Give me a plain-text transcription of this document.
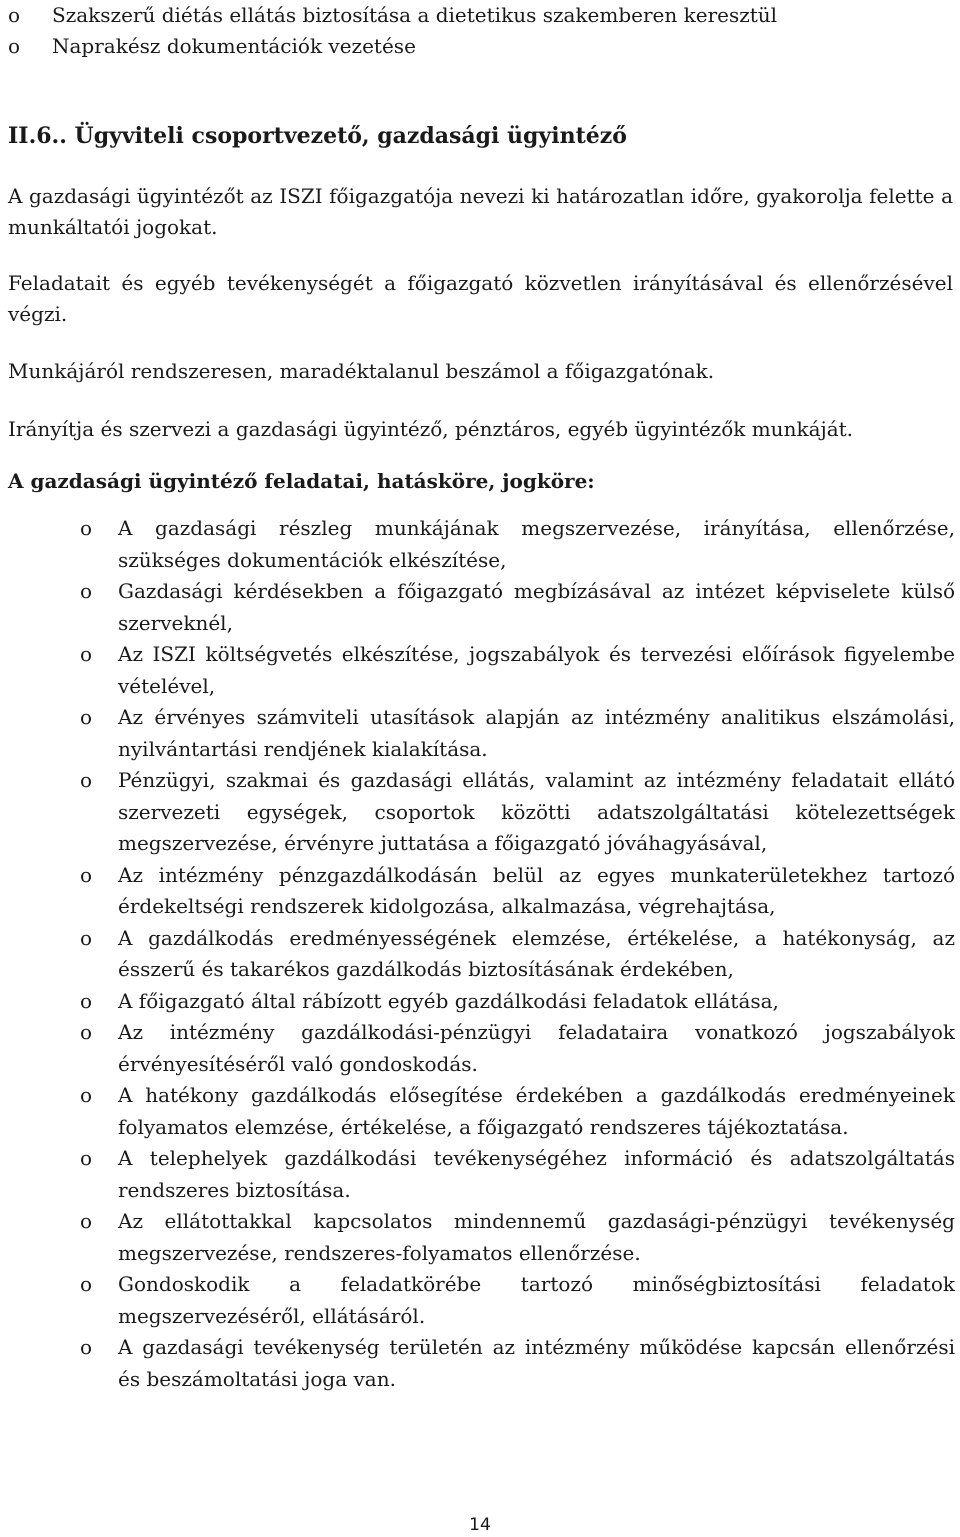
o	Szakszerű diétás ellátás biztosítása a dietetikus szakemberen keresztül
o	Naprakész dokumentációk vezetése
II.6.. Ügyviteli csoportvezető, gazdasági ügyintéző

A gazdasági ügyintézőt az ISZI főigazgatója nevezi ki határozatlan időre, gyakorolja felette a munkáltatói jogokat.

Feladatait és egyéb tevékenységét a főigazgató közvetlen irányításával és ellenőrzésével végzi.

Munkájáról rendszeresen, maradéktalanul beszámol a főigazgatónak.

Irányítja és szervezi a gazdasági ügyintéző, pénztáros, egyéb ügyintézők munkáját.

A gazdasági ügyintéző feladatai, hatásköre, jogköre:

o	A gazdasági részleg munkájának megszervezése, irányítása, ellenőrzése, szükséges dokumentációk elkészítése,
o	Gazdasági kérdésekben a főigazgató megbízásával az intézet képviselete külső szerveknél,
o	Az ISZI költségvetés elkészítése, jogszabályok és tervezési előírások figyelembe vételével,
o	Az érvényes számviteli utasítások alapján az intézmény analitikus elszámolási, nyilvántartási rendjének kialakítása.
o	Pénzügyi, szakmai és gazdasági ellátás, valamint az intézmény feladatait ellátó szervezeti egységek, csoportok közötti adatszolgáltatási kötelezettségek megszervezése, érvényre juttatása a főigazgató jóváhagyásával,
o	Az intézmény pénzgazdálkodásán belül az egyes munkaterületekhez tartozó érdekeltségi rendszerek kidolgozása, alkalmazása, végrehajtása,
o	A gazdálkodás eredményességének elemzése, értékelése, a hatékonyság, az ésszerű és takarékos gazdálkodás biztosításának érdekében,
o	A főigazgató által rábízott egyéb gazdálkodási feladatok ellátása,
o	Az intézmény gazdálkodási-pénzügyi feladataira vonatkozó jogszabályok érvényesítéséről való gondoskodás.
o	A hatékony gazdálkodás elősegítése érdekében a gazdálkodás eredményeinek folyamatos elemzése, értékelése, a főigazgató rendszeres tájékoztatása.
o	A telephelyek gazdálkodási tevékenységéhez információ és adatszolgáltatás rendszeres biztosítása.
o	Az ellátottakkal kapcsolatos mindennemű gazdasági-pénzügyi tevékenység megszervezése, rendszeres-folyamatos ellenőrzése.
o	Gondoskodik a feladatkörébe tartozó minőségbiztosítási feladatok megszervezéséről, ellátásáról.
o	A gazdasági tevékenység területén az intézmény működése kapcsán ellenőrzési és beszámoltatási joga van.
14
